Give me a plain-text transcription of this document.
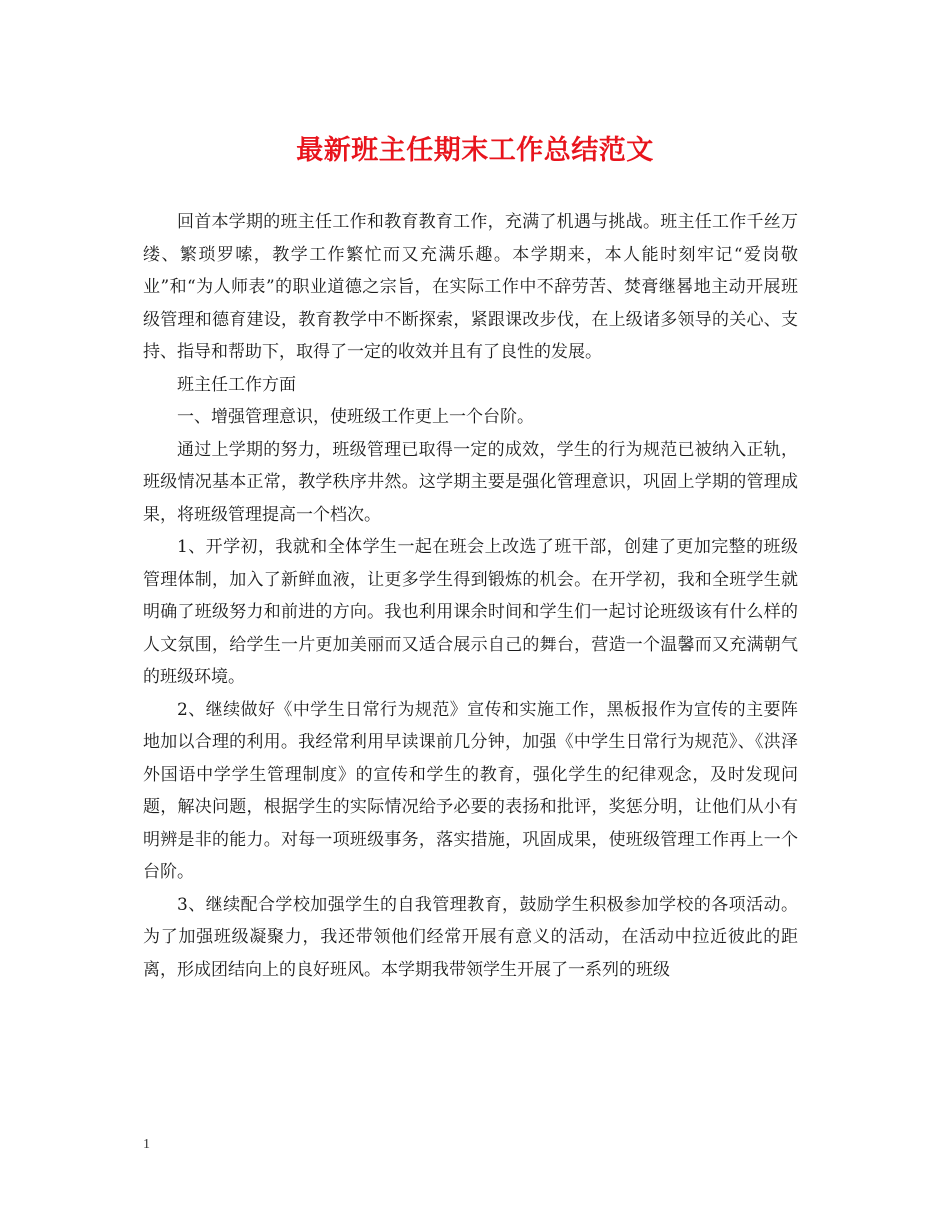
最新班主任期末工作总结范文

回首本学期的班主任工作和教育教育工作，充满了机遇与挑战。班主任工作千丝万缕、繁琐罗嗦，教学工作繁忙而又充满乐趣。本学期来，本人能时刻牢记“爱岗敬业”和“为人师表”的职业道德之宗旨，在实际工作中不辞劳苦、焚膏继晷地主动开展班级管理和德育建设，教育教学中不断探索，紧跟课改步伐，在上级诸多领导的关心、支持、指导和帮助下，取得了一定的收效并且有了良性的发展。

班主任工作方面

一、增强管理意识，使班级工作更上一个台阶。

通过上学期的努力，班级管理已取得一定的成效，学生的行为规范已被纳入正轨，班级情况基本正常，教学秩序井然。这学期主要是强化管理意识，巩固上学期的管理成果，将班级管理提高一个档次。

1、开学初，我就和全体学生一起在班会上改选了班干部，创建了更加完整的班级管理体制，加入了新鲜血液，让更多学生得到锻炼的机会。在开学初，我和全班学生就明确了班级努力和前进的方向。我也利用课余时间和学生们一起讨论班级该有什么样的人文氛围，给学生一片更加美丽而又适合展示自己的舞台，营造一个温馨而又充满朝气的班级环境。

2、继续做好《中学生日常行为规范》宣传和实施工作，黑板报作为宣传的主要阵地加以合理的利用。我经常利用早读课前几分钟，加强《中学生日常行为规范》、《洪泽外国语中学学生管理制度》的宣传和学生的教育，强化学生的纪律观念，及时发现问题，解决问题，根据学生的实际情况给予必要的表扬和批评，奖惩分明，让他们从小有明辨是非的能力。对每一项班级事务，落实措施，巩固成果，使班级管理工作再上一个台阶。

3、继续配合学校加强学生的自我管理教育，鼓励学生积极参加学校的各项活动。为了加强班级凝聚力，我还带领他们经常开展有意义的活动，在活动中拉近彼此的距离，形成团结向上的良好班风。本学期我带领学生开展了一系列的班级

1
